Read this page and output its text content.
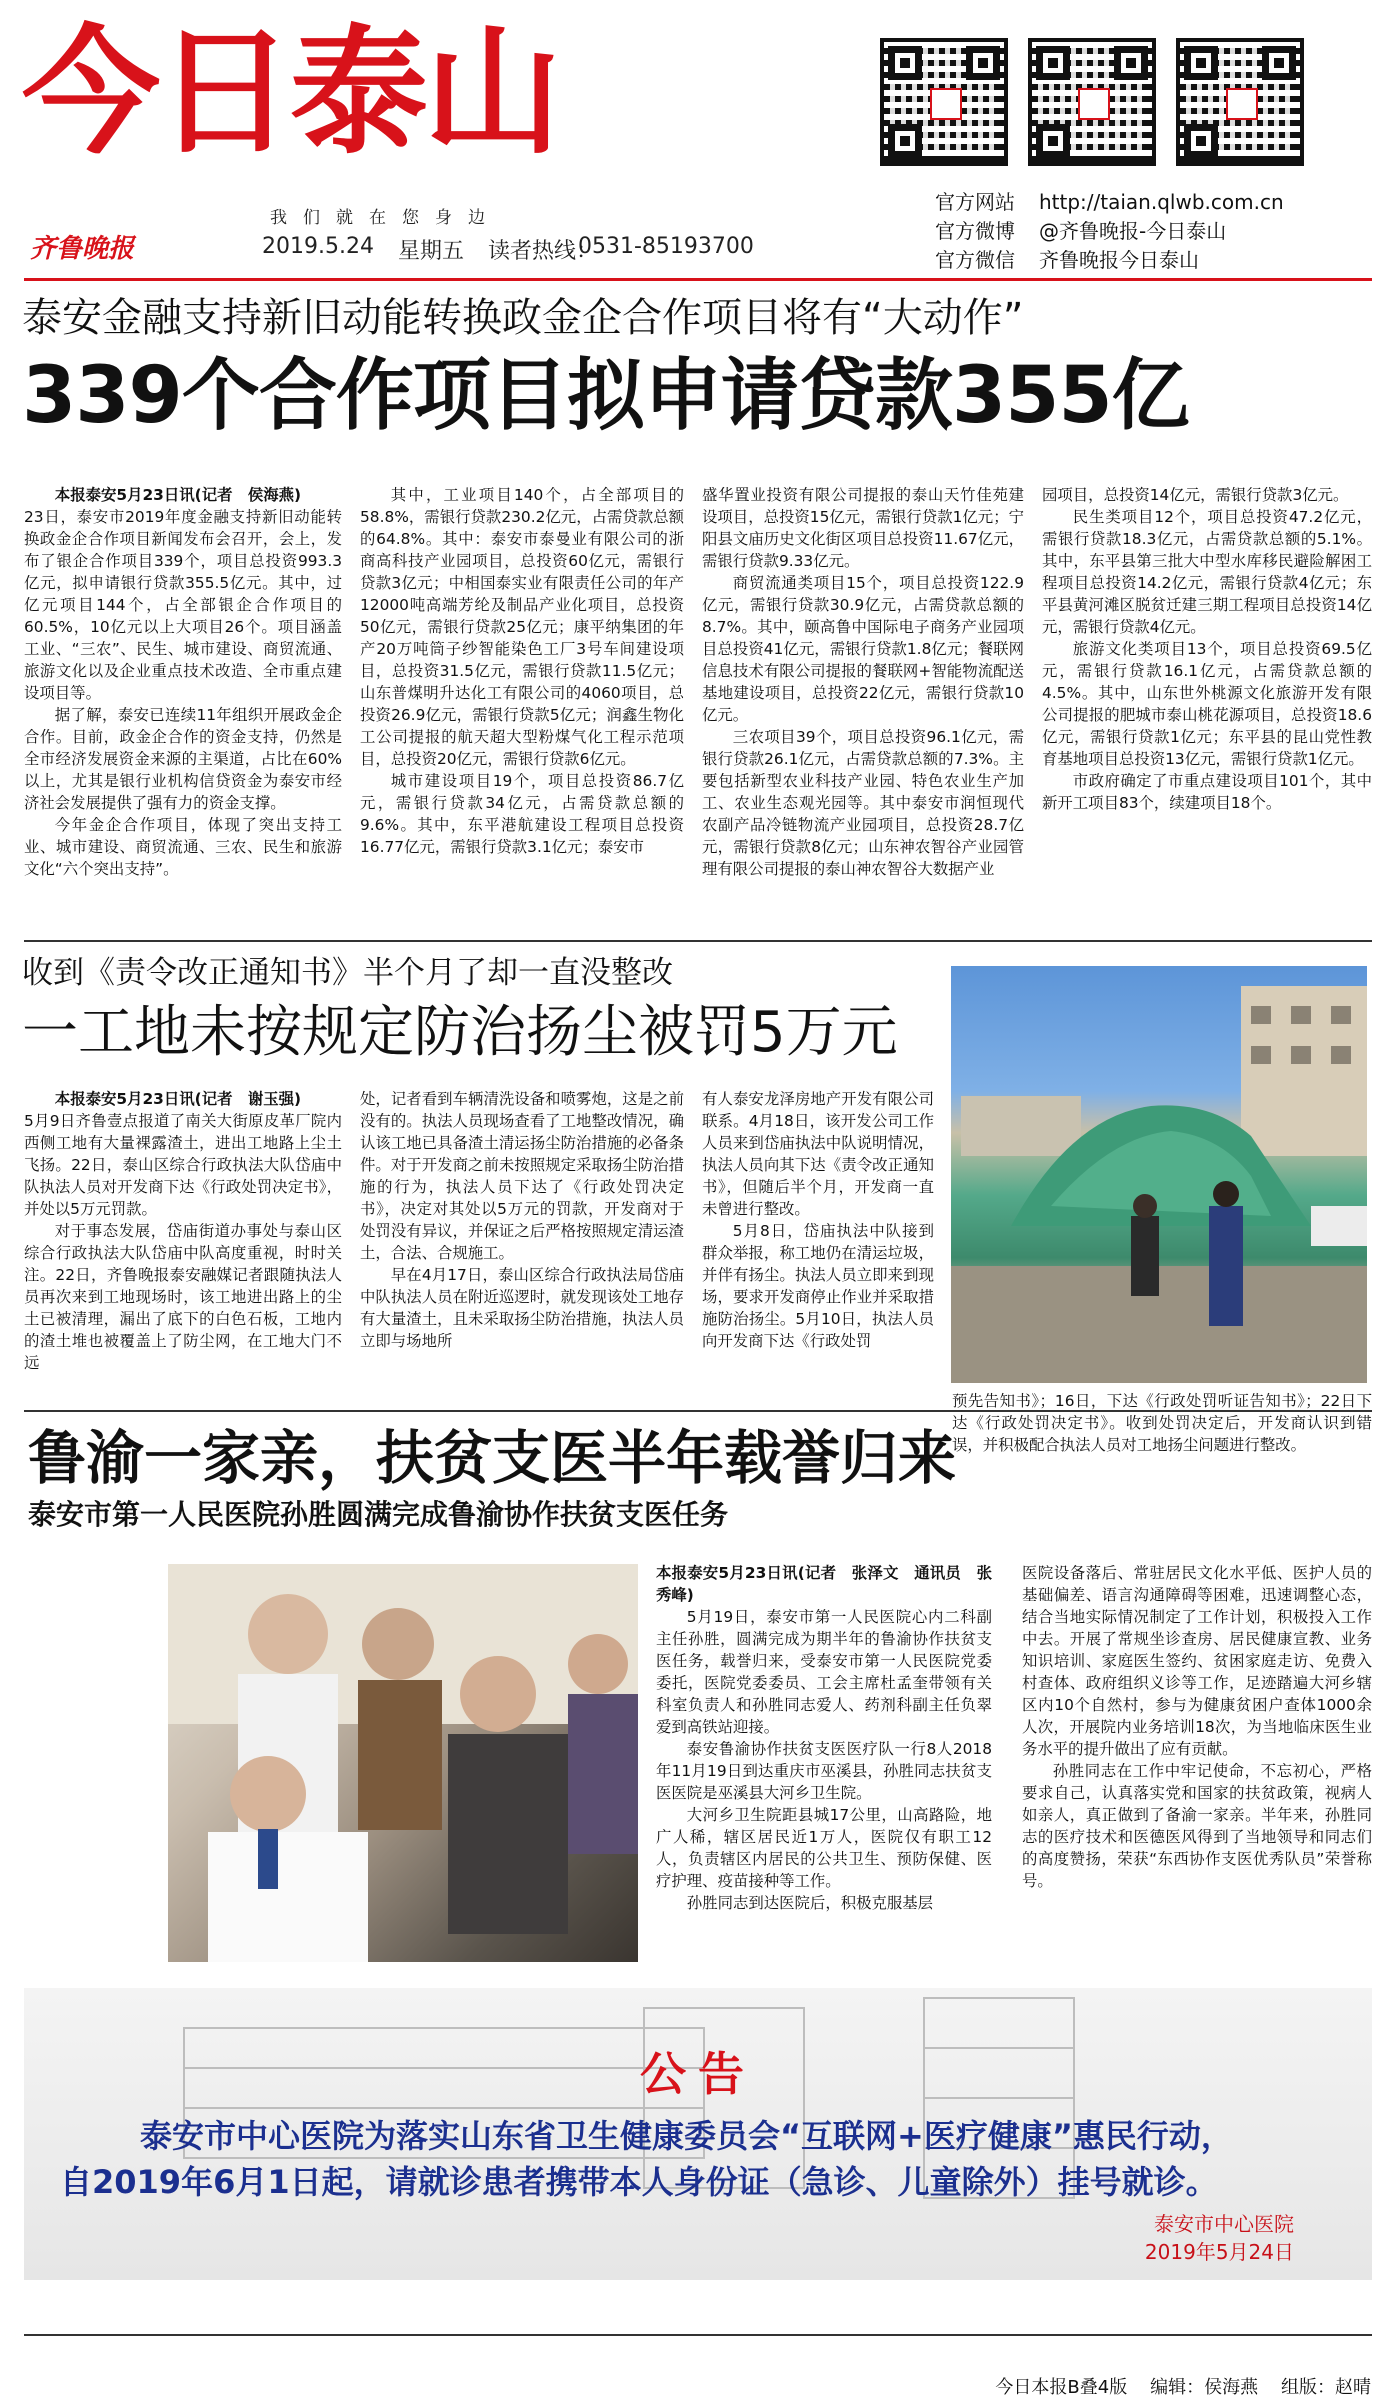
今日泰山
我们就在您身边
齐鲁晚报	2019.5.24 星期五 读者热线：
0531-85193700
官方网站 http://taian.qlwb.com.cn
官方微博 @齐鲁晚报-今日泰山
官方微信 齐鲁晚报今日泰山
泰安金融支持新旧动能转换政金企合作项目将有“大动作”
339个合作项目拟申请贷款355亿

本报泰安5月23日讯(记者　侯海燕)

23日，泰安市2019年度金融支持新旧动能转换政金企合作项目新闻发布会召开，会上，发布了银企合作项目339个，项目总投资993.3亿元，拟申请银行贷款355.5亿元。其中，过亿元项目144个，占全部银企合作项目的60.5%，10亿元以上大项目26个。项目涵盖工业、“三农”、民生、城市建设、商贸流通、旅游文化以及企业重点技术改造、全市重点建设项目等。

据了解，泰安已连续11年组织开展政金企合作。目前，政金企合作的资金支持，仍然是全市经济发展资金来源的主渠道，占比在60%以上，尤其是银行业机构信贷资金为泰安市经济社会发展提供了强有力的资金支撑。

今年金企合作项目，体现了突出支持工业、城市建设、商贸流通、三农、民生和旅游文化“六个突出支持”。

其中，工业项目140个，占全部项目的58.8%，需银行贷款230.2亿元，占需贷款总额的64.8%。其中：泰安市泰曼业有限公司的浙商高科技产业园项目，总投资60亿元，需银行贷款3亿元；中相国泰实业有限责任公司的年产12000吨高端芳纶及制品产业化项目，总投资50亿元，需银行贷款25亿元；康平纳集团的年产20万吨筒子纱智能染色工厂3号车间建设项目，总投资31.5亿元，需银行贷款11.5亿元；山东普煤明升达化工有限公司的4060项目，总投资26.9亿元，需银行贷款5亿元；润鑫生物化工公司提报的航天超大型粉煤气化工程示范项目，总投资20亿元，需银行贷款6亿元。

城市建设项目19个，项目总投资86.7亿元，需银行贷款34亿元，占需贷款总额的9.6%。其中，东平港航建设工程项目总投资16.77亿元，需银行贷款3.1亿元；泰安市

盛华置业投资有限公司提报的泰山天竹佳苑建设项目，总投资15亿元，需银行贷款1亿元；宁阳县文庙历史文化街区项目总投资11.67亿元，需银行贷款9.33亿元。

商贸流通类项目15个，项目总投资122.9亿元，需银行贷款30.9亿元，占需贷款总额的8.7%。其中，颐高鲁中国际电子商务产业园项目总投资41亿元，需银行贷款1.8亿元；餐联网信息技术有限公司提报的餐联网+智能物流配送基地建设项目，总投资22亿元，需银行贷款10亿元。

三农项目39个，项目总投资96.1亿元，需银行贷款26.1亿元，占需贷款总额的7.3%。主要包括新型农业科技产业园、特色农业生产加工、农业生态观光园等。其中泰安市润恒现代农副产品冷链物流产业园项目，总投资28.7亿元，需银行贷款8亿元；山东神农智谷产业园管理有限公司提报的泰山神农智谷大数据产业

园项目，总投资14亿元，需银行贷款3亿元。

民生类项目12个，项目总投资47.2亿元，需银行贷款18.3亿元，占需贷款总额的5.1%。其中，东平县第三批大中型水库移民避险解困工程项目总投资14.2亿元，需银行贷款4亿元；东平县黄河滩区脱贫迁建三期工程项目总投资14亿元，需银行贷款4亿元。

旅游文化类项目13个，项目总投资69.5亿元，需银行贷款16.1亿元，占需贷款总额的4.5%。其中，山东世外桃源文化旅游开发有限公司提报的肥城市泰山桃花源项目，总投资18.6亿元，需银行贷款1亿元；东平县的昆山党性教育基地项目总投资13亿元，需银行贷款1亿元。

市政府确定了市重点建设项目101个，其中新开工项目83个，续建项目18个。

收到《责令改正通知书》半个月了却一直没整改
一工地未按规定防治扬尘被罚5万元

本报泰安5月23日讯(记者　谢玉强)

5月9日齐鲁壹点报道了南关大街原皮革厂院内西侧工地有大量裸露渣土，进出工地路上尘土飞扬。22日，泰山区综合行政执法大队岱庙中队执法人员对开发商下达《行政处罚决定书》，并处以5万元罚款。

对于事态发展，岱庙街道办事处与泰山区综合行政执法大队岱庙中队高度重视，时时关注。22日，齐鲁晚报泰安融媒记者跟随执法人员再次来到工地现场时，该工地进出路上的尘土已被清理，漏出了底下的白色石板，工地内的渣土堆也被覆盖上了防尘网，在工地大门不远

处，记者看到车辆清洗设备和喷雾炮，这是之前没有的。执法人员现场查看了工地整改情况，确认该工地已具备渣土清运扬尘防治措施的必备条件。对于开发商之前未按照规定采取扬尘防治措施的行为，执法人员下达了《行政处罚决定书》，决定对其处以5万元的罚款，开发商对于处罚没有异议，并保证之后严格按照规定清运渣土，合法、合规施工。

早在4月17日，泰山区综合行政执法局岱庙中队执法人员在附近巡逻时，就发现该处工地存有大量渣土，且未采取扬尘防治措施，执法人员立即与场地所

有人泰安龙泽房地产开发有限公司联系。4月18日，该开发公司工作人员来到岱庙执法中队说明情况，执法人员向其下达《责令改正通知书》，但随后半个月，开发商一直未曾进行整改。

5月8日，岱庙执法中队接到群众举报，称工地仍在清运垃圾，并伴有扬尘。执法人员立即来到现场，要求开发商停止作业并采取措施防治扬尘。5月10日，执法人员向开发商下达《行政处罚

预先告知书》；16日，下达《行政处罚听证告知书》；22日下达《行政处罚决定书》。收到处罚决定后，开发商认识到错误，并积极配合执法人员对工地扬尘问题进行整改。

鲁渝一家亲，扶贫支医半年载誉归来
泰安市第一人民医院孙胜圆满完成鲁渝协作扶贫支医任务

本报泰安5月23日讯(记者　张泽文　通讯员　张秀峰)

5月19日，泰安市第一人民医院心内二科副主任孙胜，圆满完成为期半年的鲁渝协作扶贫支医任务，载誉归来，受泰安市第一人民医院党委委托，医院党委委员、工会主席杜孟奎带领有关科室负责人和孙胜同志爱人、药剂科副主任负翠爱到高铁站迎接。

泰安鲁渝协作扶贫支医医疗队一行8人2018年11月19日到达重庆市巫溪县，孙胜同志扶贫支医医院是巫溪县大河乡卫生院。

大河乡卫生院距县城17公里，山高路险，地广人稀，辖区居民近1万人，医院仅有职工12人，负责辖区内居民的公共卫生、预防保健、医疗护理、疫苗接种等工作。

孙胜同志到达医院后，积极克服基层

医院设备落后、常驻居民文化水平低、医护人员的基础偏差、语言沟通障碍等困难，迅速调整心态，结合当地实际情况制定了工作计划，积极投入工作中去。开展了常规坐诊查房、居民健康宣教、业务知识培训、家庭医生签约、贫困家庭走访、免费入村查体、政府组织义诊等工作，足迹踏遍大河乡辖区内10个自然村，参与为健康贫困户查体1000余人次，开展院内业务培训18次，为当地临床医生业务水平的提升做出了应有贡献。

孙胜同志在工作中牢记使命，不忘初心，严格要求自己，认真落实党和国家的扶贫政策，视病人如亲人，真正做到了备渝一家亲。半年来，孙胜同志的医疗技术和医德医风得到了当地领导和同志们的高度赞扬，荣获“东西协作支医优秀队员”荣誉称号。

公告
泰安市中心医院为落实山东省卫生健康委员会“互联网+医疗健康”惠民行动，
自2019年6月1日起，请就诊患者携带本人身份证（急诊、儿童除外）挂号就诊。
泰安市中心医院
2019年5月24日

今日本报B叠4版 编辑：侯海燕 组版：赵晴
